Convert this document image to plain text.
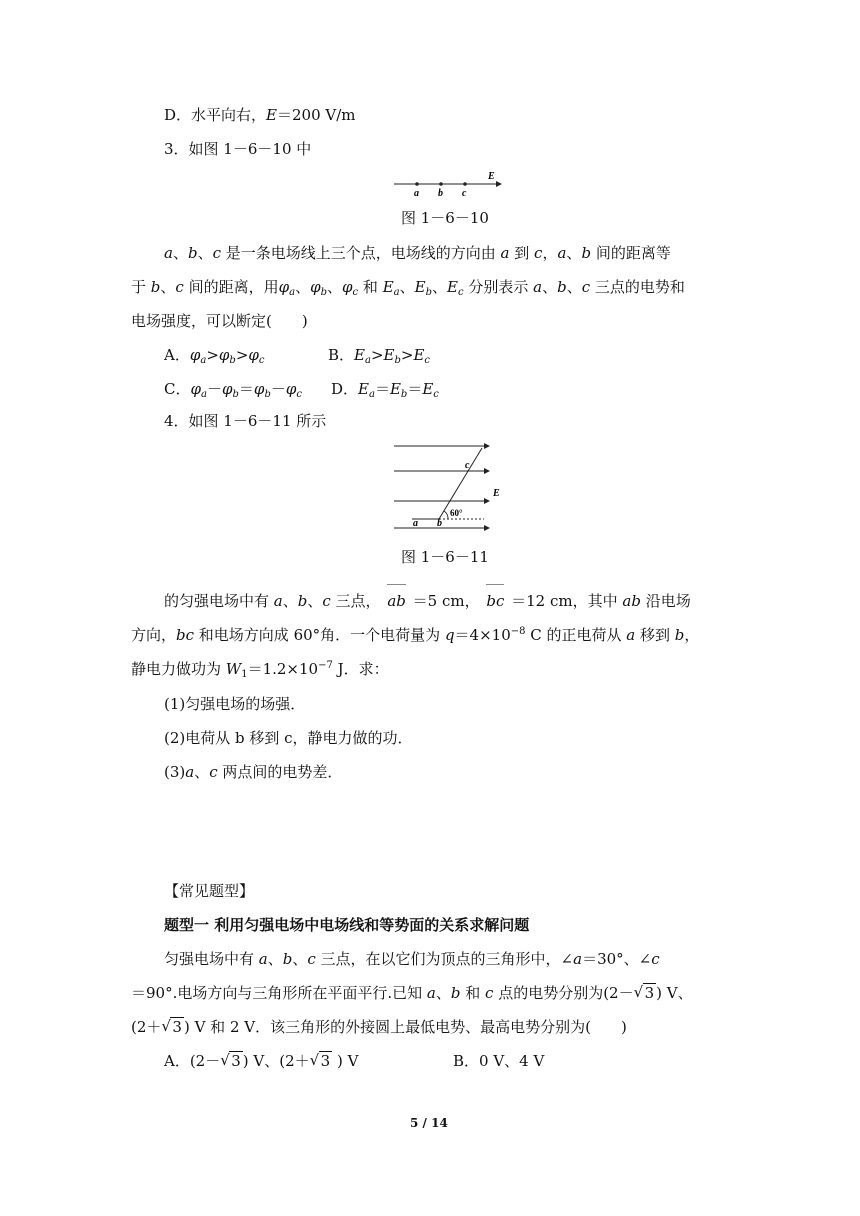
D．水平向右，E＝200 V/m
3．如图 1－6－10 中
a b c
E
图 1－6－10
a、b、c 是一条电场线上三个点，电场线的方向由 a 到 c，a、b 间的距离等
于 b、c 间的距离，用$\varphi_a$、$\varphi_b$、$\varphi_c$ 和 $E_a$、$E_b$、$E_c$ 分别表示 a、b、c 三点的电势和
电场强度，可以断定(　　)
A．$\varphi_a>\varphi_b>\varphi_c$	B．$E_a>E_b>E_c$
C．$\varphi_a-\varphi_b=\varphi_b-\varphi_c$ D．$E_a=E_b=E_c$
4．如图 1－6－11 所示
c
E
60°
a b
图 1－6－11
的匀强电场中有 a、b、c 三点， ab ＝5 cm， bc ＝12 cm，其中 ab 沿电场
方向，bc 和电场方向成 60°角．一个电荷量为 $q=4\times 10^{-8}$ C 的正电荷从 a 移到 b，
静电力做功为 $W_1=1.2\times 10^{-7}$ J．求：
(1)匀强电场的场强．
(2)电荷从 b 移到 c，静电力做的功．
(3)a、c 两点间的电势差．
【常见题型】
题型一 利用匀强电场中电场线和等势面的关系求解问题
匀强电场中有 a、b、c 三点，在以它们为顶点的三角形中，∠a＝30°、∠c
＝90°.电场方向与三角形所在平面平行.已知 a、b 和 c 点的电势分别为(2－ √ 3 ) V、
(2＋ √ 3 ) V 和 2 V．该三角形的外接圆上最低电势、最高电势分别为(　　)
A．(2－ √ 3 ) V、(2＋ √ 3 ) V	B．0 V、4 V
5 / 14
